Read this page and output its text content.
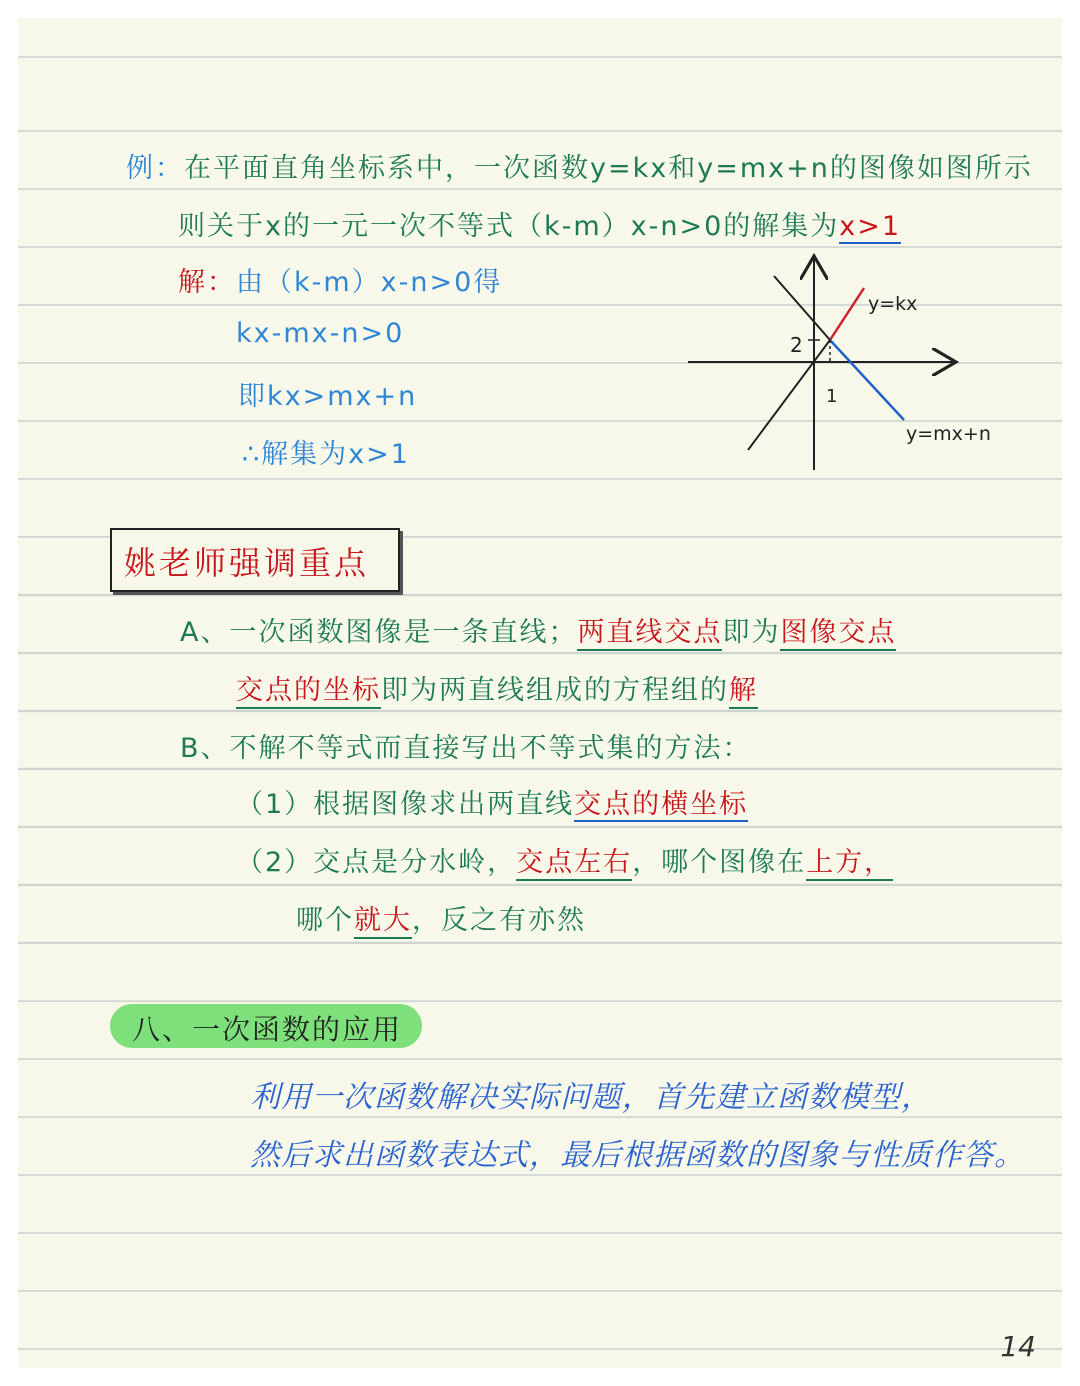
例：在平面直角坐标系中，一次函数y=kx和y=mx+n的图像如图所示
则关于x的一元一次不等式（k-m）x-n>0的解集为x>1
解：由（k-m）x-n>0得
kx-mx-n>0
即kx>mx+n
∴解集为x>1
2
1
y=kx
y=mx+n
姚老师强调重点
A、一次函数图像是一条直线；两直线交点即为图像交点
交点的坐标即为两直线组成的方程组的解
B、不解不等式而直接写出不等式集的方法：
（1）根据图像求出两直线交点的横坐标
（2）交点是分水岭，交点左右，哪个图像在上方，
哪个就大，反之有亦然
八、一次函数的应用
利用一次函数解决实际问题，首先建立函数模型，
然后求出函数表达式，最后根据函数的图象与性质作答。
14
